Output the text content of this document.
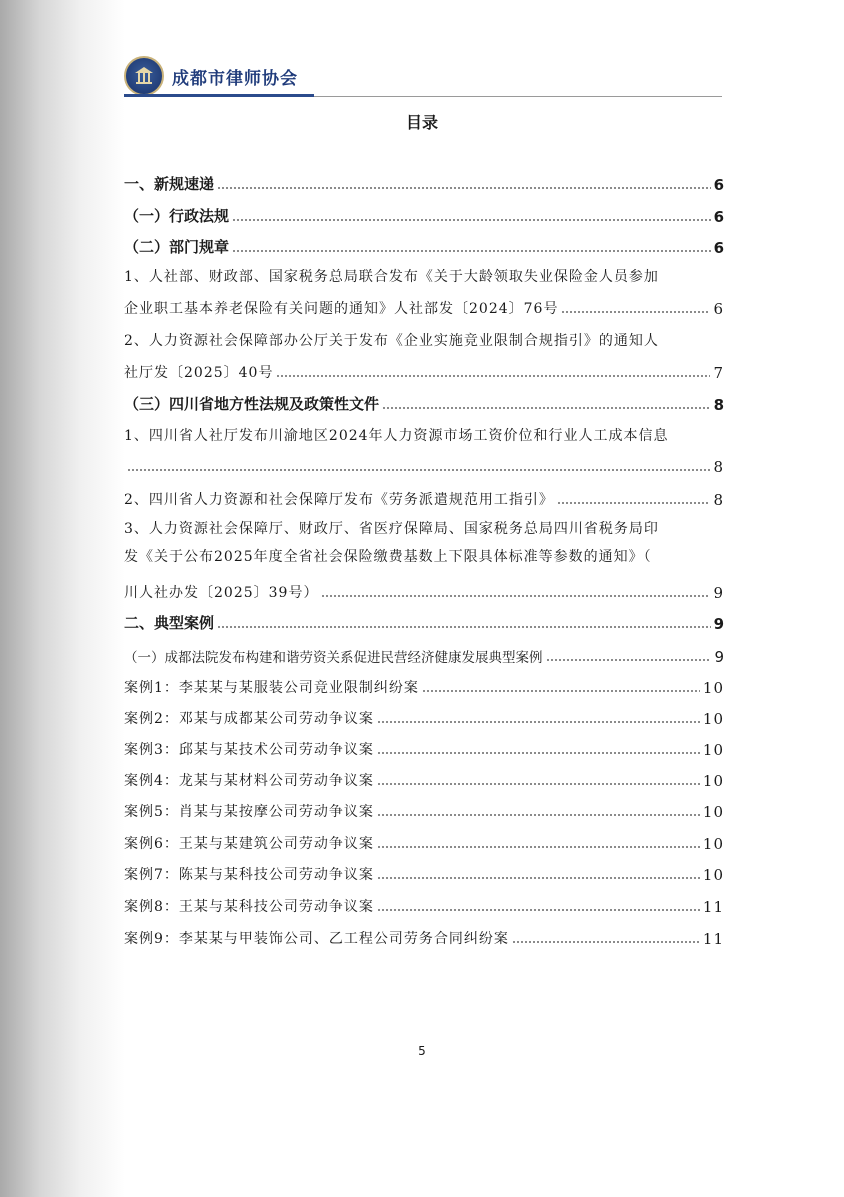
成都市律师协会
目录
一、新规速递	6
（一）行政法规	6
（二）部门规章	6
1、人社部、财政部、国家税务总局联合发布《关于大龄领取失业保险金人员参加
企业职工基本养老保险有关问题的通知》人社部发〔2024〕76号	6
2、人力资源社会保障部办公厅关于发布《企业实施竞业限制合规指引》的通知人
社厅发〔2025〕40号	7
（三）四川省地方性法规及政策性文件	8
1、四川省人社厅发布川渝地区2024年人力资源市场工资价位和行业人工成本信息
8
2、四川省人力资源和社会保障厅发布《劳务派遣规范用工指引》	8
3、人力资源社会保障厅、财政厅、省医疗保障局、国家税务总局四川省税务局印
发《关于公布2025年度全省社会保险缴费基数上下限具体标准等参数的通知》（
川人社办发〔2025〕39号）	9
二、典型案例	9
（一）成都法院发布构建和谐劳资关系促进民营经济健康发展典型案例	9
案例1：李某某与某服装公司竞业限制纠纷案	10
案例2：邓某与成都某公司劳动争议案	10
案例3：邱某与某技术公司劳动争议案	10
案例4：龙某与某材料公司劳动争议案	10
案例5：肖某与某按摩公司劳动争议案	10
案例6：王某与某建筑公司劳动争议案	10
案例7：陈某与某科技公司劳动争议案	10
案例8：王某与某科技公司劳动争议案	11
案例9：李某某与甲装饰公司、乙工程公司劳务合同纠纷案	11
5
